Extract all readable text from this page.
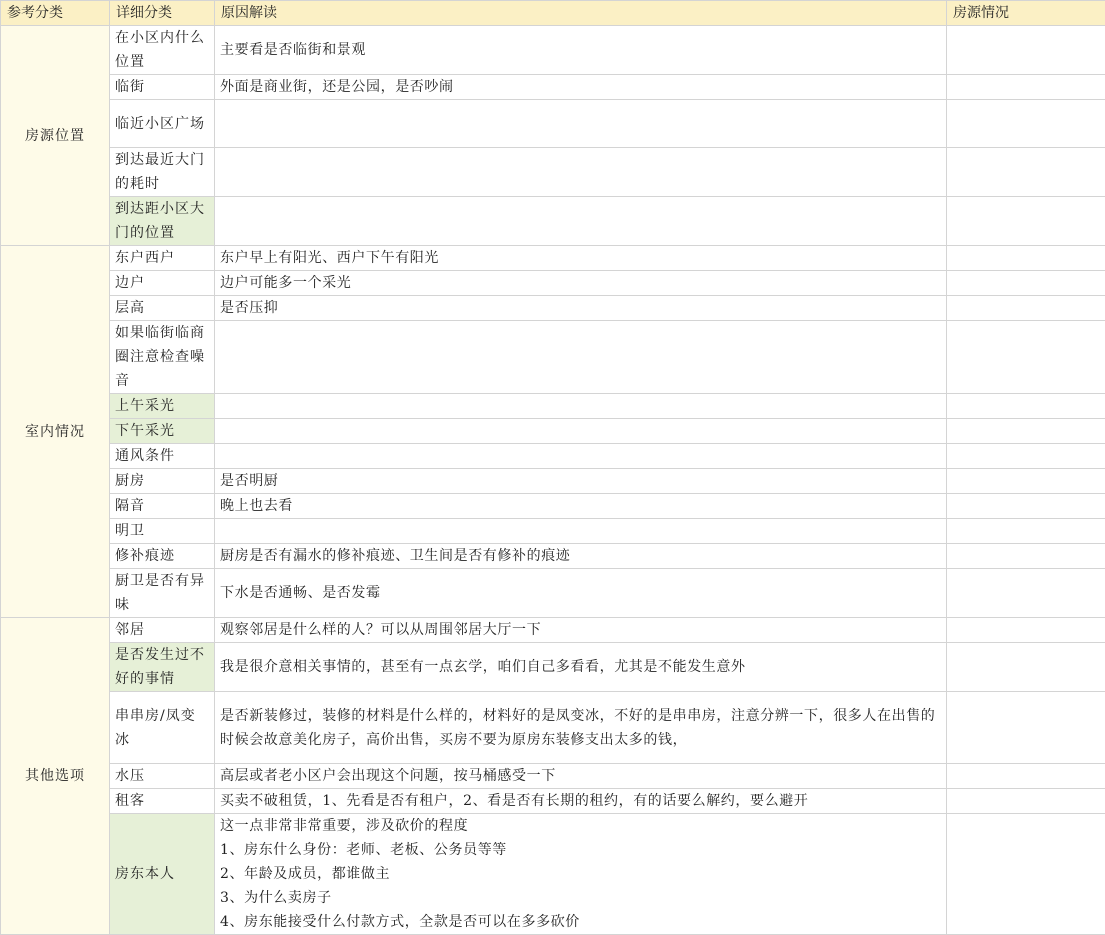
参考分类	详细分类	原因解读	房源情况
房源位置	在小区内什么位置	主要看是否临街和景观	
	临街	外面是商业街，还是公园，是否吵闹	
	临近小区广场		
	到达最近大门的耗时		
	到达距小区大门的位置		
室内情况	东户西户	东户早上有阳光、西户下午有阳光	
	边户	边户可能多一个采光	
	层高	是否压抑	
	如果临街临商圈注意检查噪音		
	上午采光		
	下午采光		
	通风条件		
	厨房	是否明厨	
	隔音	晚上也去看	
	明卫		
	修补痕迹	厨房是否有漏水的修补痕迹、卫生间是否有修补的痕迹	
	厨卫是否有异味	下水是否通畅、是否发霉	
其他选项	邻居	观察邻居是什么样的人？可以从周围邻居大厅一下	
	是否发生过不好的事情	我是很介意相关事情的，甚至有一点玄学，咱们自己多看看，尤其是不能发生意外	
	串串房/凤变冰	是否新装修过，装修的材料是什么样的，材料好的是凤变冰，不好的是串串房，注意分辨一下，很多人在出售的时候会故意美化房子，高价出售，买房不要为原房东装修支出太多的钱，	
	水压	高层或者老小区户会出现这个问题，按马桶感受一下	
	租客	买卖不破租赁，1、先看是否有租户，2、看是否有长期的租约，有的话要么解约，要么避开	
	房东本人	这一点非常非常重要，涉及砍价的程度
1、房东什么身份：老师、老板、公务员等等
2、年龄及成员，都谁做主
3、为什么卖房子
4、房东能接受什么付款方式，全款是否可以在多多砍价	
